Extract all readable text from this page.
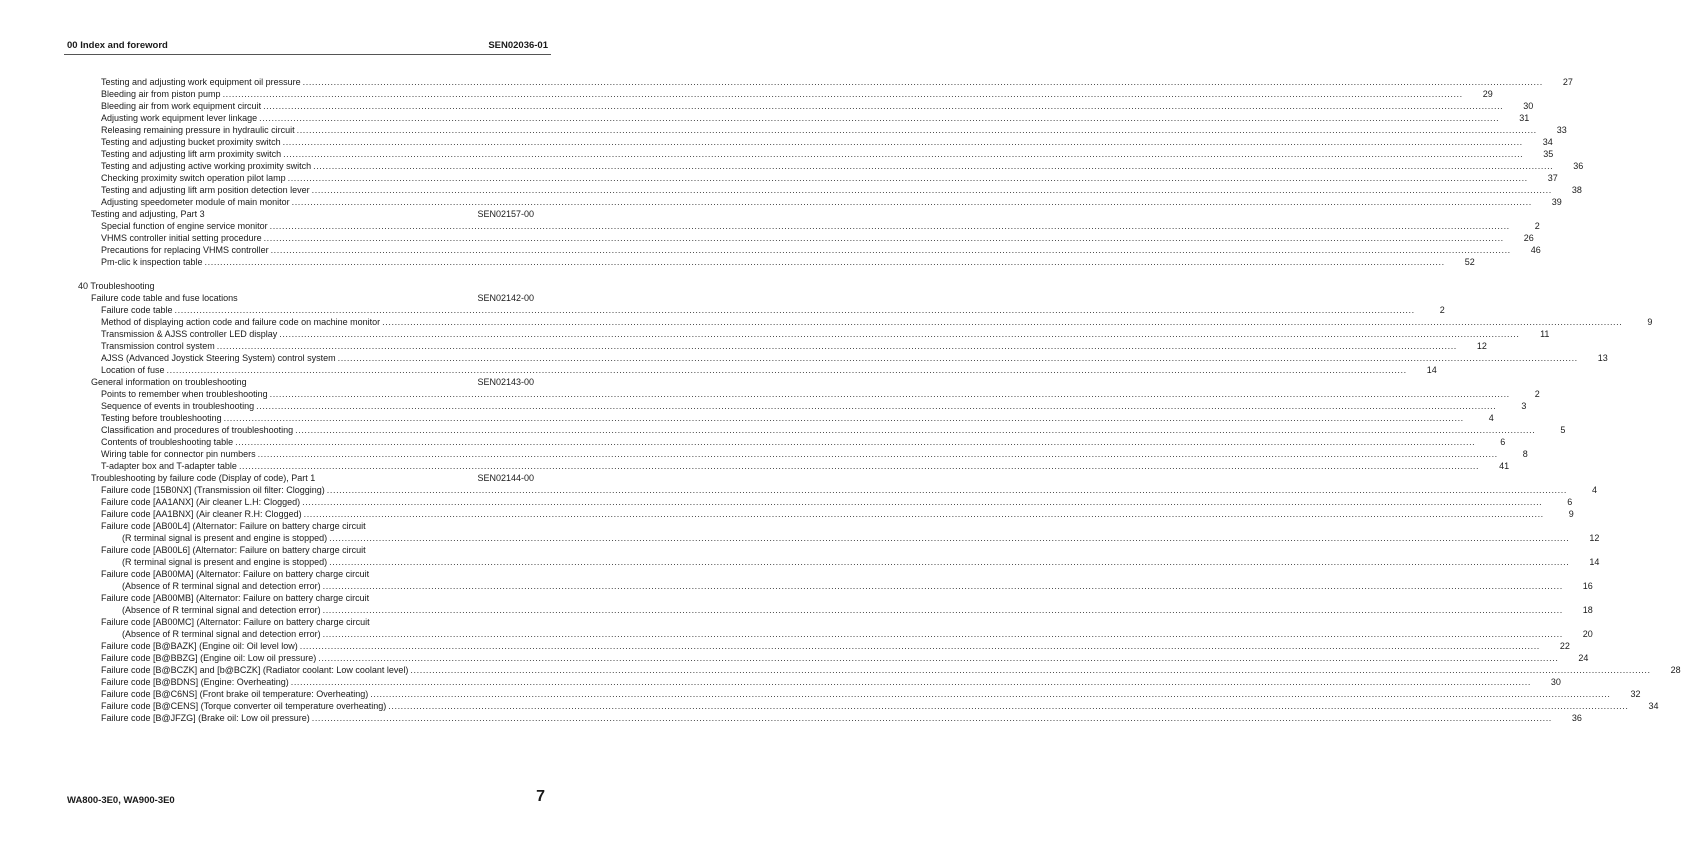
00 Index and foreword	SEN02036-01
Testing and adjusting work equipment oil pressure ................................................................................................................................................................................................................................................................................................................................................................................................................	27
Bleeding air from piston pump ................................................................................................................................................................................................................................................................................................................................................................................................................	29
Bleeding air from work equipment circuit ................................................................................................................................................................................................................................................................................................................................................................................................................	30
Adjusting work equipment lever linkage ................................................................................................................................................................................................................................................................................................................................................................................................................	31
Releasing remaining pressure in hydraulic circuit ................................................................................................................................................................................................................................................................................................................................................................................................................	33
Testing and adjusting bucket proximity switch ................................................................................................................................................................................................................................................................................................................................................................................................................	34
Testing and adjusting lift arm proximity switch ................................................................................................................................................................................................................................................................................................................................................................................................................	35
Testing and adjusting active working proximity switch ................................................................................................................................................................................................................................................................................................................................................................................................................	36
Checking proximity switch operation pilot lamp ................................................................................................................................................................................................................................................................................................................................................................................................................	37
Testing and adjusting lift arm position detection lever ................................................................................................................................................................................................................................................................................................................................................................................................................	38
Adjusting speedometer module of main monitor ................................................................................................................................................................................................................................................................................................................................................................................................................	39
Testing and adjusting, Part 3	SEN02157-00
Special function of engine service monitor ................................................................................................................................................................................................................................................................................................................................................................................................................	2
VHMS controller initial setting procedure ................................................................................................................................................................................................................................................................................................................................................................................................................	26
Precautions for replacing VHMS controller ................................................................................................................................................................................................................................................................................................................................................................................................................	46
Pm-clic k inspection table ................................................................................................................................................................................................................................................................................................................................................................................................................	52
40 Troubleshooting
Failure code table and fuse locations	SEN02142-00
Failure code table ................................................................................................................................................................................................................................................................................................................................................................................................................	2
Method of displaying action code and failure code on machine monitor ................................................................................................................................................................................................................................................................................................................................................................................................................	9
Transmission & AJSS controller LED display ................................................................................................................................................................................................................................................................................................................................................................................................................	11
Transmission control system ................................................................................................................................................................................................................................................................................................................................................................................................................	12
AJSS (Advanced Joystick Steering System) control system ................................................................................................................................................................................................................................................................................................................................................................................................................	13
Location of fuse ................................................................................................................................................................................................................................................................................................................................................................................................................	14
General information on troubleshooting	SEN02143-00
Points to remember when troubleshooting ................................................................................................................................................................................................................................................................................................................................................................................................................	2
Sequence of events in troubleshooting ................................................................................................................................................................................................................................................................................................................................................................................................................	3
Testing before troubleshooting ................................................................................................................................................................................................................................................................................................................................................................................................................	4
Classification and procedures of troubleshooting ................................................................................................................................................................................................................................................................................................................................................................................................................	5
Contents of troubleshooting table ................................................................................................................................................................................................................................................................................................................................................................................................................	6
Wiring table for connector pin numbers ................................................................................................................................................................................................................................................................................................................................................................................................................	8
T-adapter box and T-adapter table ................................................................................................................................................................................................................................................................................................................................................................................................................	41
Troubleshooting by failure code (Display of code), Part 1	SEN02144-00
Failure code [15B0NX] (Transmission oil filter: Clogging) ................................................................................................................................................................................................................................................................................................................................................................................................................	4
Failure code [AA1ANX] (Air cleaner L.H: Clogged) ................................................................................................................................................................................................................................................................................................................................................................................................................	6
Failure code [AA1BNX] (Air cleaner R.H: Clogged) ................................................................................................................................................................................................................................................................................................................................................................................................................	9
Failure code [AB00L4] (Alternator: Failure on battery charge circuit
(R terminal signal is present and engine is stopped) ................................................................................................................................................................................................................................................................................................................................................................................................................	12
Failure code [AB00L6] (Alternator: Failure on battery charge circuit
(R terminal signal is present and engine is stopped) ................................................................................................................................................................................................................................................................................................................................................................................................................	14
Failure code [AB00MA] (Alternator: Failure on battery charge circuit
(Absence of R terminal signal and detection error) ................................................................................................................................................................................................................................................................................................................................................................................................................	16
Failure code [AB00MB] (Alternator: Failure on battery charge circuit
(Absence of R terminal signal and detection error) ................................................................................................................................................................................................................................................................................................................................................................................................................	18
Failure code [AB00MC] (Alternator: Failure on battery charge circuit
(Absence of R terminal signal and detection error) ................................................................................................................................................................................................................................................................................................................................................................................................................	20
Failure code [B@BAZK] (Engine oil: Oil level low) ................................................................................................................................................................................................................................................................................................................................................................................................................	22
Failure code [B@BBZG] (Engine oil: Low oil pressure) ................................................................................................................................................................................................................................................................................................................................................................................................................	24
Failure code [B@BCZK] and [b@BCZK] (Radiator coolant: Low coolant level) ................................................................................................................................................................................................................................................................................................................................................................................................................	28
Failure code [B@BDNS] (Engine: Overheating) ................................................................................................................................................................................................................................................................................................................................................................................................................	30
Failure code [B@C6NS] (Front brake oil temperature: Overheating) ................................................................................................................................................................................................................................................................................................................................................................................................................	32
Failure code [B@CENS] (Torque converter oil temperature overheating) ................................................................................................................................................................................................................................................................................................................................................................................................................	34
Failure code [B@JFZG] (Brake oil: Low oil pressure) ................................................................................................................................................................................................................................................................................................................................................................................................................	36
WA800-3E0, WA900-3E0	7
